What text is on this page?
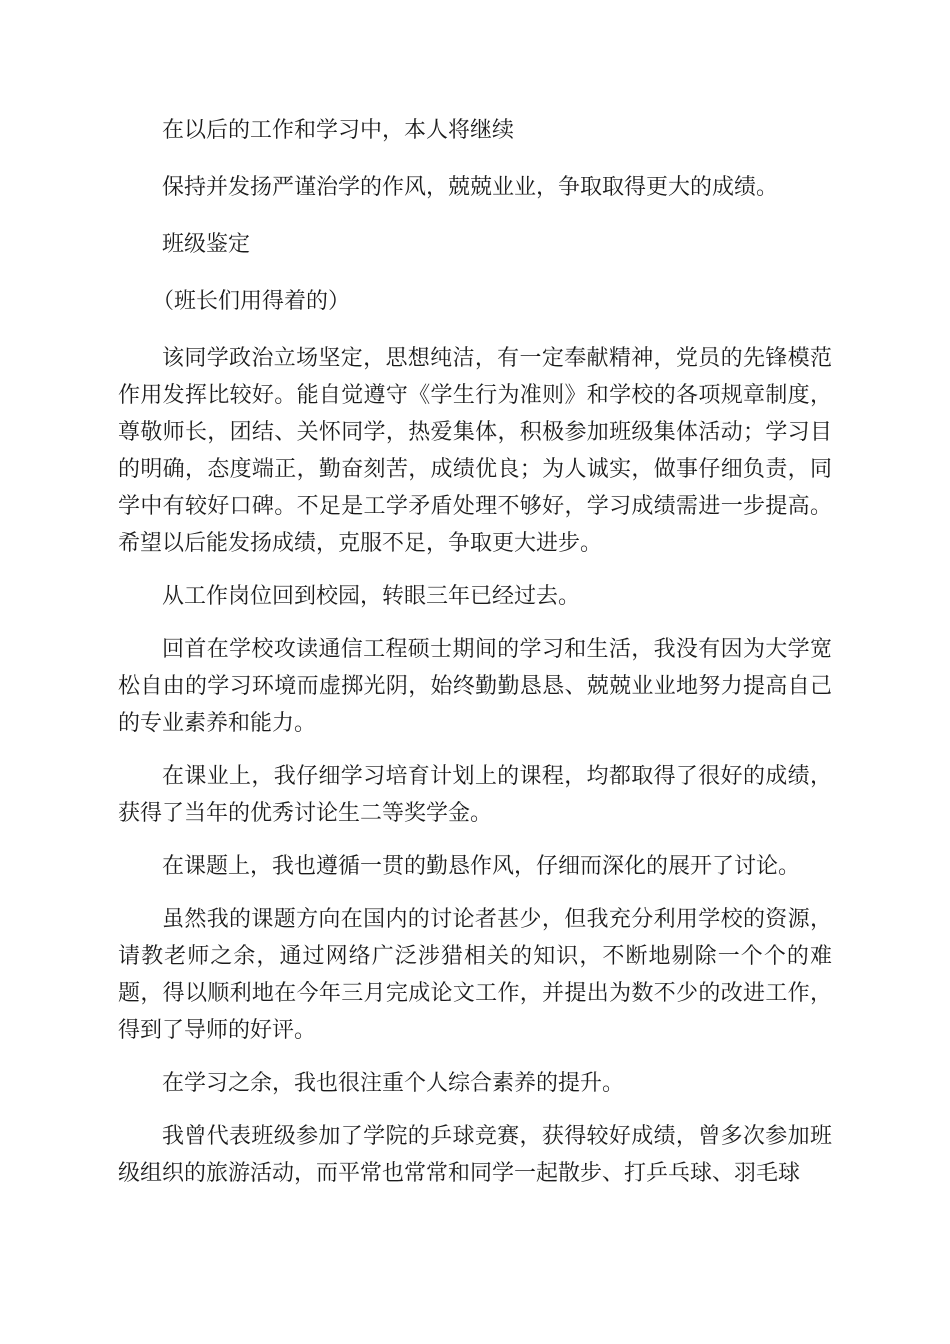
在以后的工作和学习中，本人将继续

保持并发扬严谨治学的作风，兢兢业业，争取取得更大的成绩。

班级鉴定

（班长们用得着的）

该同学政治立场坚定，思想纯洁，有一定奉献精神，党员的先锋模范作用发挥比较好。能自觉遵守《学生行为准则》和学校的各项规章制度，尊敬师长，团结、关怀同学，热爱集体，积极参加班级集体活动；学习目的明确，态度端正，勤奋刻苦，成绩优良；为人诚实，做事仔细负责，同学中有较好口碑。不足是工学矛盾处理不够好，学习成绩需进一步提高。希望以后能发扬成绩，克服不足，争取更大进步。

从工作岗位回到校园，转眼三年已经过去。

回首在学校攻读通信工程硕士期间的学习和生活，我没有因为大学宽松自由的学习环境而虚掷光阴，始终勤勤恳恳、兢兢业业地努力提高自己的专业素养和能力。

在课业上，我仔细学习培育计划上的课程，均都取得了很好的成绩，获得了当年的优秀讨论生二等奖学金。

在课题上，我也遵循一贯的勤恳作风，仔细而深化的展开了讨论。

虽然我的课题方向在国内的讨论者甚少，但我充分利用学校的资源，请教老师之余，通过网络广泛涉猎相关的知识，不断地剔除一个个的难题，得以顺利地在今年三月完成论文工作，并提出为数不少的改进工作，得到了导师的好评。

在学习之余，我也很注重个人综合素养的提升。

我曾代表班级参加了学院的乒球竞赛，获得较好成绩，曾多次参加班级组织的旅游活动，而平常也常常和同学一起散步、打乒乓球、羽毛球
